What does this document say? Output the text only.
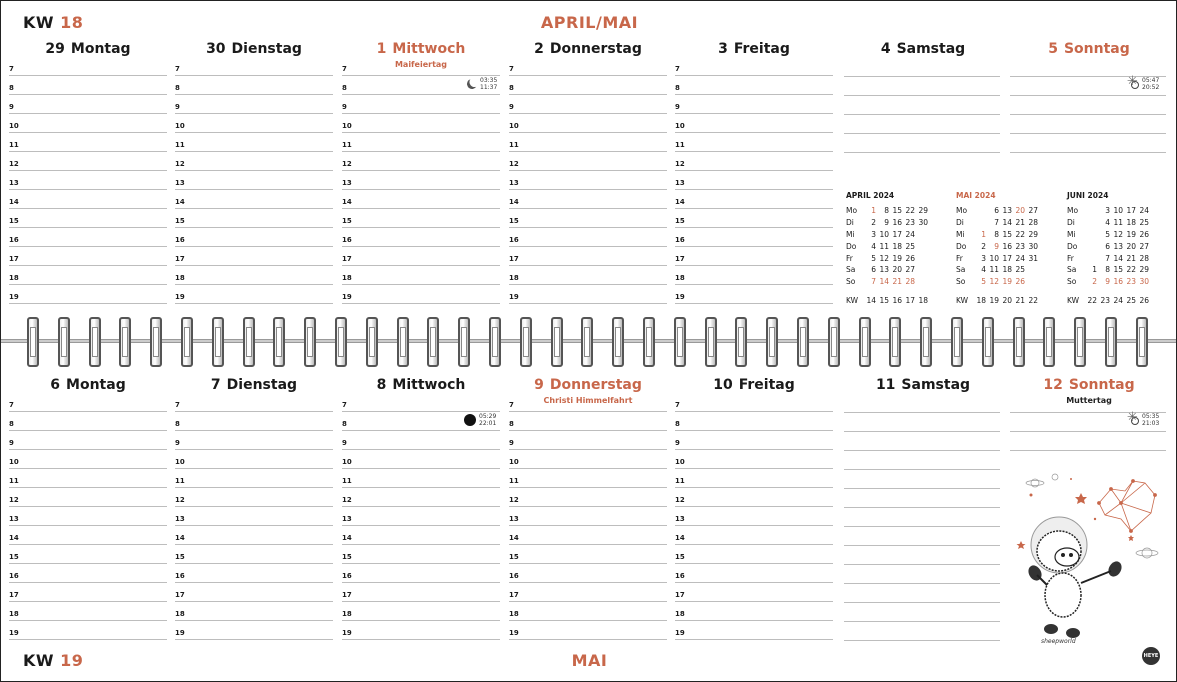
KW 18	APRIL/MAI
29 Montag
7
8
9
10
11
12
13
14
15
16
17
18
19
30 Dienstag
7
8
9
10
11
12
13
14
15
16
17
18
19
1 Mittwoch
Maifeiertag
7
8
9
10
11
12
13
14
15
16
17
18
19
2 Donnerstag
7
8
9
10
11
12
13
14
15
16
17
18
19
3 Freitag
7
8
9
10
11
12
13
14
15
16
17
18
19
4 Samstag	5 Sonntag
03:35
11:37
✳
05:47
20:52
APRIL 2024
Mo	1	8	15	22	29
Di	2	9	16	23	30
Mi	3	10	17	24	
Do	4	11	18	25	
Fr	5	12	19	26	
Sa	6	13	20	27	
So	7	14	21	28	
KW	14	15	16	17	18
MAI 2024
Mo		6	13	20	27
Di		7	14	21	28
Mi	1	8	15	22	29
Do	2	9	16	23	30
Fr	3	10	17	24	31
Sa	4	11	18	25	
So	5	12	19	26	
KW	18	19	20	21	22
JUNI 2024
Mo		3	10	17	24
Di		4	11	18	25
Mi		5	12	19	26
Do		6	13	20	27
Fr		7	14	21	28
Sa	1	8	15	22	29
So	2	9	16	23	30
KW	22	23	24	25	26
6 Montag
7
8
9
10
11
12
13
14
15
16
17
18
19
7 Dienstag
7
8
9
10
11
12
13
14
15
16
17
18
19
8 Mittwoch
7
8
9
10
11
12
13
14
15
16
17
18
19
9 Donnerstag
Christi Himmelfahrt
7
8
9
10
11
12
13
14
15
16
17
18
19
10 Freitag
7
8
9
10
11
12
13
14
15
16
17
18
19
11 Samstag	12 Sonntag
Muttertag
05:29
22:01
✳
05:35
21:03
KW 19	MAI
sheepworld
HEYE
